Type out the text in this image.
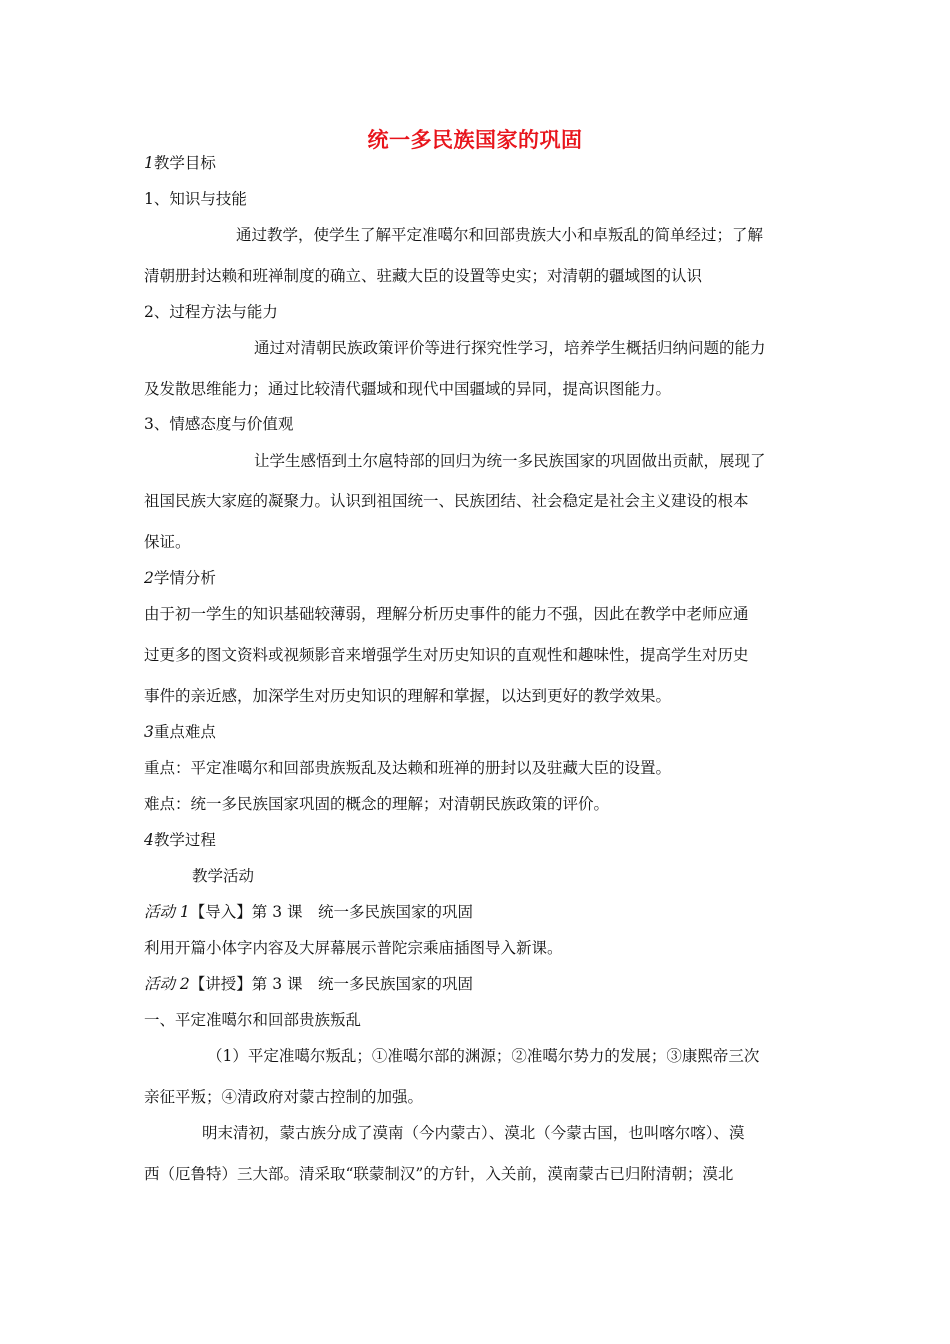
统一多民族国家的巩固
1教学目标
1、知识与技能
通过教学，使学生了解平定准噶尔和回部贵族大小和卓叛乱的简单经过；了解
清朝册封达赖和班禅制度的确立、驻藏大臣的设置等史实；对清朝的疆域图的认识
2、过程方法与能力
通过对清朝民族政策评价等进行探究性学习，培养学生概括归纳问题的能力
及发散思维能力；通过比较清代疆域和现代中国疆域的异同，提高识图能力。
3、情感态度与价值观
让学生感悟到土尔扈特部的回归为统一多民族国家的巩固做出贡献，展现了
祖国民族大家庭的凝聚力。认识到祖国统一、民族团结、社会稳定是社会主义建设的根本
保证。
2学情分析
由于初一学生的知识基础较薄弱，理解分析历史事件的能力不强，因此在教学中老师应通
过更多的图文资料或视频影音来增强学生对历史知识的直观性和趣味性，提高学生对历史
事件的亲近感，加深学生对历史知识的理解和掌握，以达到更好的教学效果。
3重点难点
重点：平定准噶尔和回部贵族叛乱及达赖和班禅的册封以及驻藏大臣的设置。
难点：统一多民族国家巩固的概念的理解；对清朝民族政策的评价。
4教学过程
教学活动
活动 1【导入】第 3 课　统一多民族国家的巩固
利用开篇小体字内容及大屏幕展示普陀宗乘庙插图导入新课。
活动 2【讲授】第 3 课　统一多民族国家的巩固
一、平定准噶尔和回部贵族叛乱
（1）平定准噶尔叛乱；①准噶尔部的渊源；②准噶尔势力的发展；③康熙帝三次
亲征平叛；④清政府对蒙古控制的加强。
明末清初，蒙古族分成了漠南（今内蒙古）、漠北（今蒙古国，也叫喀尔喀）、漠
西（厄鲁特）三大部。清采取“联蒙制汉”的方针，入关前，漠南蒙古已归附清朝；漠北
